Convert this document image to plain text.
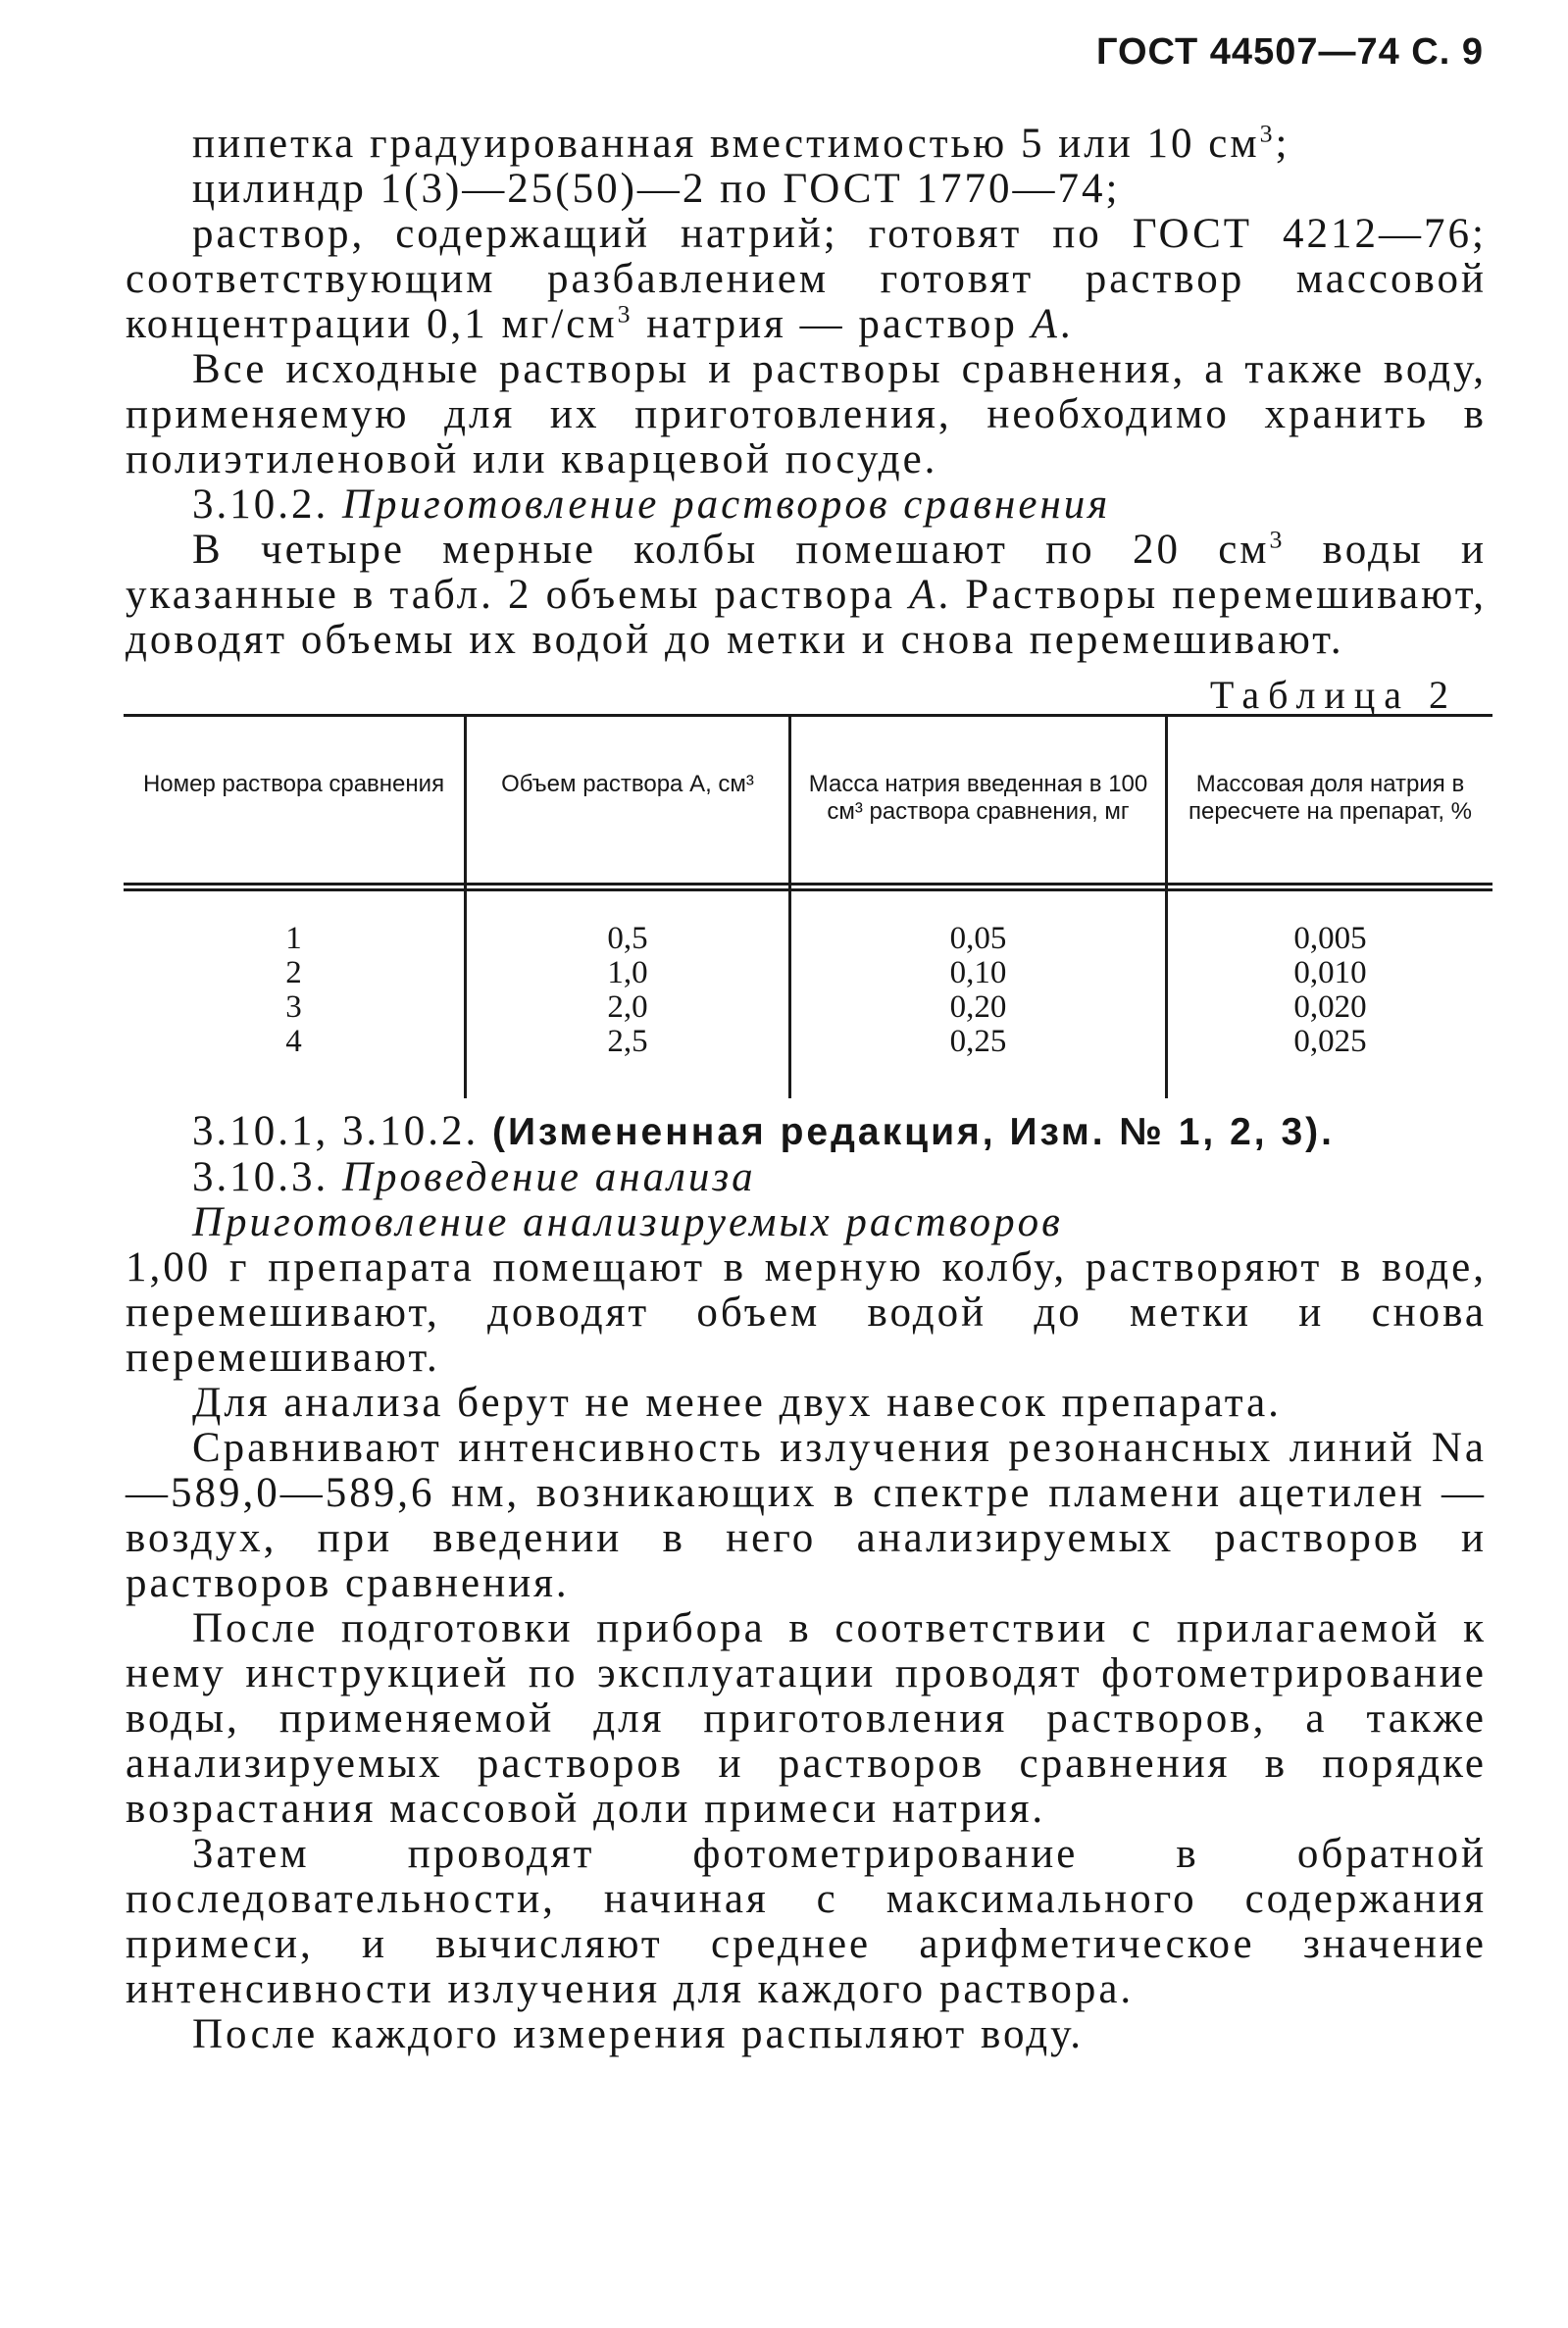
ГОСТ 44507—74 С. 9

пипетка градуированная вместимостью 5 или 10 $см^3$;

цилиндр 1(3)—25(50)—2 по ГОСТ 1770—74;

раствор, содержащий натрий; готовят по ГОСТ 4212—76; соответствующим разбавлением готовят раствор массовой концентрации 0,1 $мг/см^3$ натрия — раствор А.

Все исходные растворы и растворы сравнения, а также воду, применяемую для их приготовления, необходимо хранить в полиэтиленовой или кварцевой посуде.

3.10.2. Приготовление растворов сравнения

В четыре мерные колбы помешают по 20 $см^3$ воды и указанные в табл. 2 объемы раствора А. Растворы перемешивают, доводят объемы их водой до метки и снова перемешивают.

Таблица 2
Номер раствора сравнения	Объем раствора А, см³	Масса натрия введенная в 100 см³ раствора сравнения, мг
Массовая доля натрия в пересчете на препарат, %
1
2
3
4
0,5
1,0
2,0
2,5
0,05
0,10
0,20
0,25
0,005
0,010
0,020
0,025

3.10.1, 3.10.2. (Измененная редакция, Изм. № 1, 2, 3).

3.10.3. Проведение анализа

Приготовление анализируемых растворов

1,00 г препарата помещают в мерную колбу, растворяют в воде, перемешивают, доводят объем водой до метки и снова перемешивают.

Для анализа берут не менее двух навесок препарата.

Сравнивают интенсивность излучения резонансных линий Na—589,0—589,6 нм, возникающих в спектре пламени ацетилен — воздух, при введении в него анализируемых растворов и растворов сравнения.

После подготовки прибора в соответствии с прилагаемой к нему инструкцией по эксплуатации проводят фотометрирование воды, применяемой для приготовления растворов, а также анализируемых растворов и растворов сравнения в порядке возрастания массовой доли примеси натрия.

Затем проводят фотометрирование в обратной последовательности, начиная с максимального содержания примеси, и вычисляют среднее арифметическое значение интенсивности излучения для каждого раствора.

После каждого измерения распыляют воду.
